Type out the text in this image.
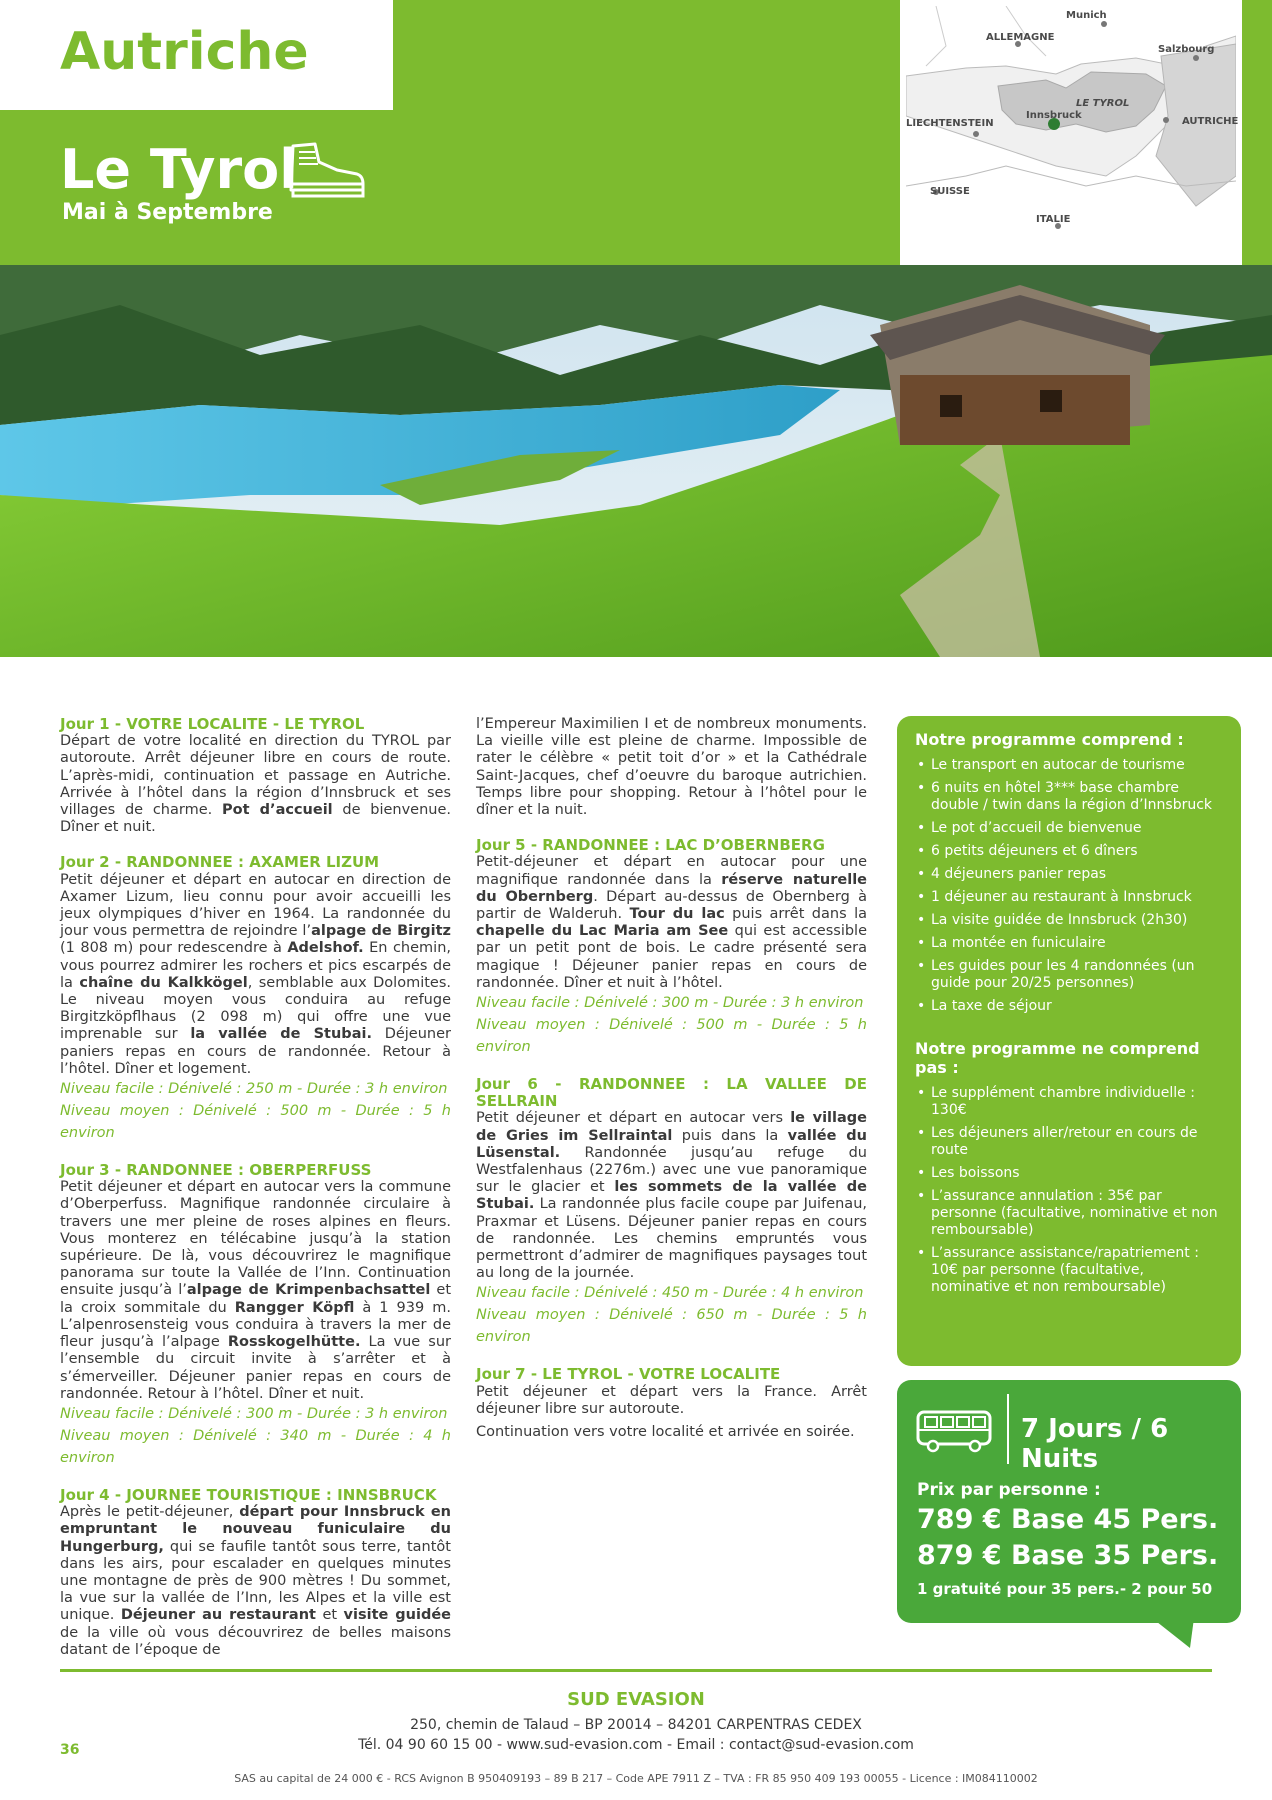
Autriche
Le Tyrol
Mai à Septembre
Munich
ALLEMAGNE
Salzbourg
LE TYROL
Innsbruck
LIECHTENSTEIN	AUTRICHE
SUISSE
ITALIE

Jour 1 - VOTRE LOCALITE - LE TYROL

Départ de votre localité en direction du TYROL par autoroute. Arrêt déjeuner libre en cours de route. L’après-midi, continuation et passage en Autriche. Arrivée à l’hôtel dans la région d’Innsbruck et ses villages de charme. Pot d’accueil de bienvenue. Dîner et nuit.

Jour 2 - RANDONNEE : AXAMER LIZUM

Petit déjeuner et départ en autocar en direction de Axamer Lizum, lieu connu pour avoir accueilli les jeux olympiques d’hiver en 1964. La randonnée du jour vous permettra de rejoindre l’alpage de Birgitz (1 808 m) pour redescendre à Adelshof. En chemin, vous pourrez admirer les rochers et pics escarpés de la chaîne du Kalkkögel, semblable aux Dolomites. Le niveau moyen vous conduira au refuge Birgitzköpflhaus (2 098 m) qui offre une vue imprenable sur la vallée de Stubai. Déjeuner paniers repas en cours de randonnée. Retour à l’hôtel. Dîner et logement.

Niveau facile : Dénivelé : 250 m - Durée : 3 h environ

Niveau moyen : Dénivelé : 500 m - Durée : 5 h environ

Jour 3 - RANDONNEE : OBERPERFUSS

Petit déjeuner et départ en autocar vers la commune d’Oberperfuss. Magnifique randonnée circulaire à travers une mer pleine de roses alpines en fleurs. Vous monterez en télécabine jusqu’à la station supérieure. De là, vous découvrirez le magnifique panorama sur toute la Vallée de l’Inn. Continuation ensuite jusqu’à l’alpage de Krimpenbachsattel et la croix sommitale du Rangger Köpfl à 1 939 m. L’alpenrosensteig vous conduira à travers la mer de fleur jusqu’à l’alpage Rosskogelhütte. La vue sur l’ensemble du circuit invite à s’arrêter et à s’émerveiller. Déjeuner panier repas en cours de randonnée. Retour à l’hôtel. Dîner et nuit.

Niveau facile : Dénivelé : 300 m - Durée : 3 h environ

Niveau moyen : Dénivelé : 340 m - Durée : 4 h environ

Jour 4 - JOURNEE TOURISTIQUE : INNSBRUCK

Après le petit-déjeuner, départ pour Innsbruck en empruntant le nouveau funiculaire du Hungerburg, qui se faufile tantôt sous terre, tantôt dans les airs, pour escalader en quelques minutes une montagne de près de 900 mètres ! Du sommet, la vue sur la vallée de l’Inn, les Alpes et la ville est unique. Déjeuner au restaurant et visite guidée de la ville où vous découvrirez de belles maisons datant de l’époque de

l’Empereur Maximilien I et de nombreux monuments. La vieille ville est pleine de charme. Impossible de rater le célèbre « petit toit d’or » et la Cathédrale Saint-Jacques, chef d’oeuvre du baroque autrichien. Temps libre pour shopping. Retour à l’hôtel pour le dîner et la nuit.

Jour 5 - RANDONNEE : LAC D’OBERNBERG

Petit-déjeuner et départ en autocar pour une magnifique randonnée dans la réserve naturelle du Obernberg. Départ au-dessus de Obernberg à partir de Walderuh. Tour du lac puis arrêt dans la chapelle du Lac Maria am See qui est accessible par un petit pont de bois. Le cadre présenté sera magique ! Déjeuner panier repas en cours de randonnée. Dîner et nuit à l’hôtel.

Niveau facile : Dénivelé : 300 m - Durée : 3 h environ

Niveau moyen : Dénivelé : 500 m - Durée : 5 h environ

Jour 6 - RANDONNEE : LA VALLEE DE SELLRAIN

Petit déjeuner et départ en autocar vers le village de Gries im Sellraintal puis dans la vallée du Lüsenstal. Randonnée jusqu’au refuge du Westfalenhaus (2276m.) avec une vue panoramique sur le glacier et les sommets de la vallée de Stubai. La randonnée plus facile coupe par Juifenau, Praxmar et Lüsens. Déjeuner panier repas en cours de randonnée. Les chemins empruntés vous permettront d’admirer de magnifiques paysages tout au long de la journée.

Niveau facile : Dénivelé : 450 m - Durée : 4 h environ

Niveau moyen : Dénivelé : 650 m - Durée : 5 h environ

Jour 7 - LE TYROL - VOTRE LOCALITE

Petit déjeuner et départ vers la France. Arrêt déjeuner libre sur autoroute.

Continuation vers votre localité et arrivée en soirée.

Notre programme comprend :
• Le transport en autocar de tourisme
• 6 nuits en hôtel 3*** base chambre double / twin dans la région d’Innsbruck
• Le pot d’accueil de bienvenue
• 6 petits déjeuners et 6 dîners
• 4 déjeuners panier repas
• 1 déjeuner au restaurant à Innsbruck
• La visite guidée de Innsbruck (2h30)
• La montée en funiculaire
• Les guides pour les 4 randonnées (un guide pour 20/25 personnes)
• La taxe de séjour
Notre programme ne comprend pas :
• Le supplément chambre individuelle : 130€
• Les déjeuners aller/retour en cours de route
• Les boissons
• L’assurance annulation : 35€ par personne (facultative, nominative et non remboursable)
• L’assurance assistance/rapatriement : 10€ par personne (facultative, nominative et non remboursable)
7 Jours / 6 Nuits
Prix par personne :
789 € Base 45 Pers.
879 € Base 35 Pers.
1 gratuité pour 35 pers.- 2 pour 50
SUD EVASION
250, chemin de Talaud – BP 20014 – 84201 CARPENTRAS CEDEX
Tél. 04 90 60 15 00 - www.sud-evasion.com - Email : contact@sud-evasion.com
SAS au capital de 24 000 € - RCS Avignon B 950409193 – 89 B 217 – Code APE 7911 Z – TVA : FR 85 950 409 193 00055 - Licence : IM084110002
36
